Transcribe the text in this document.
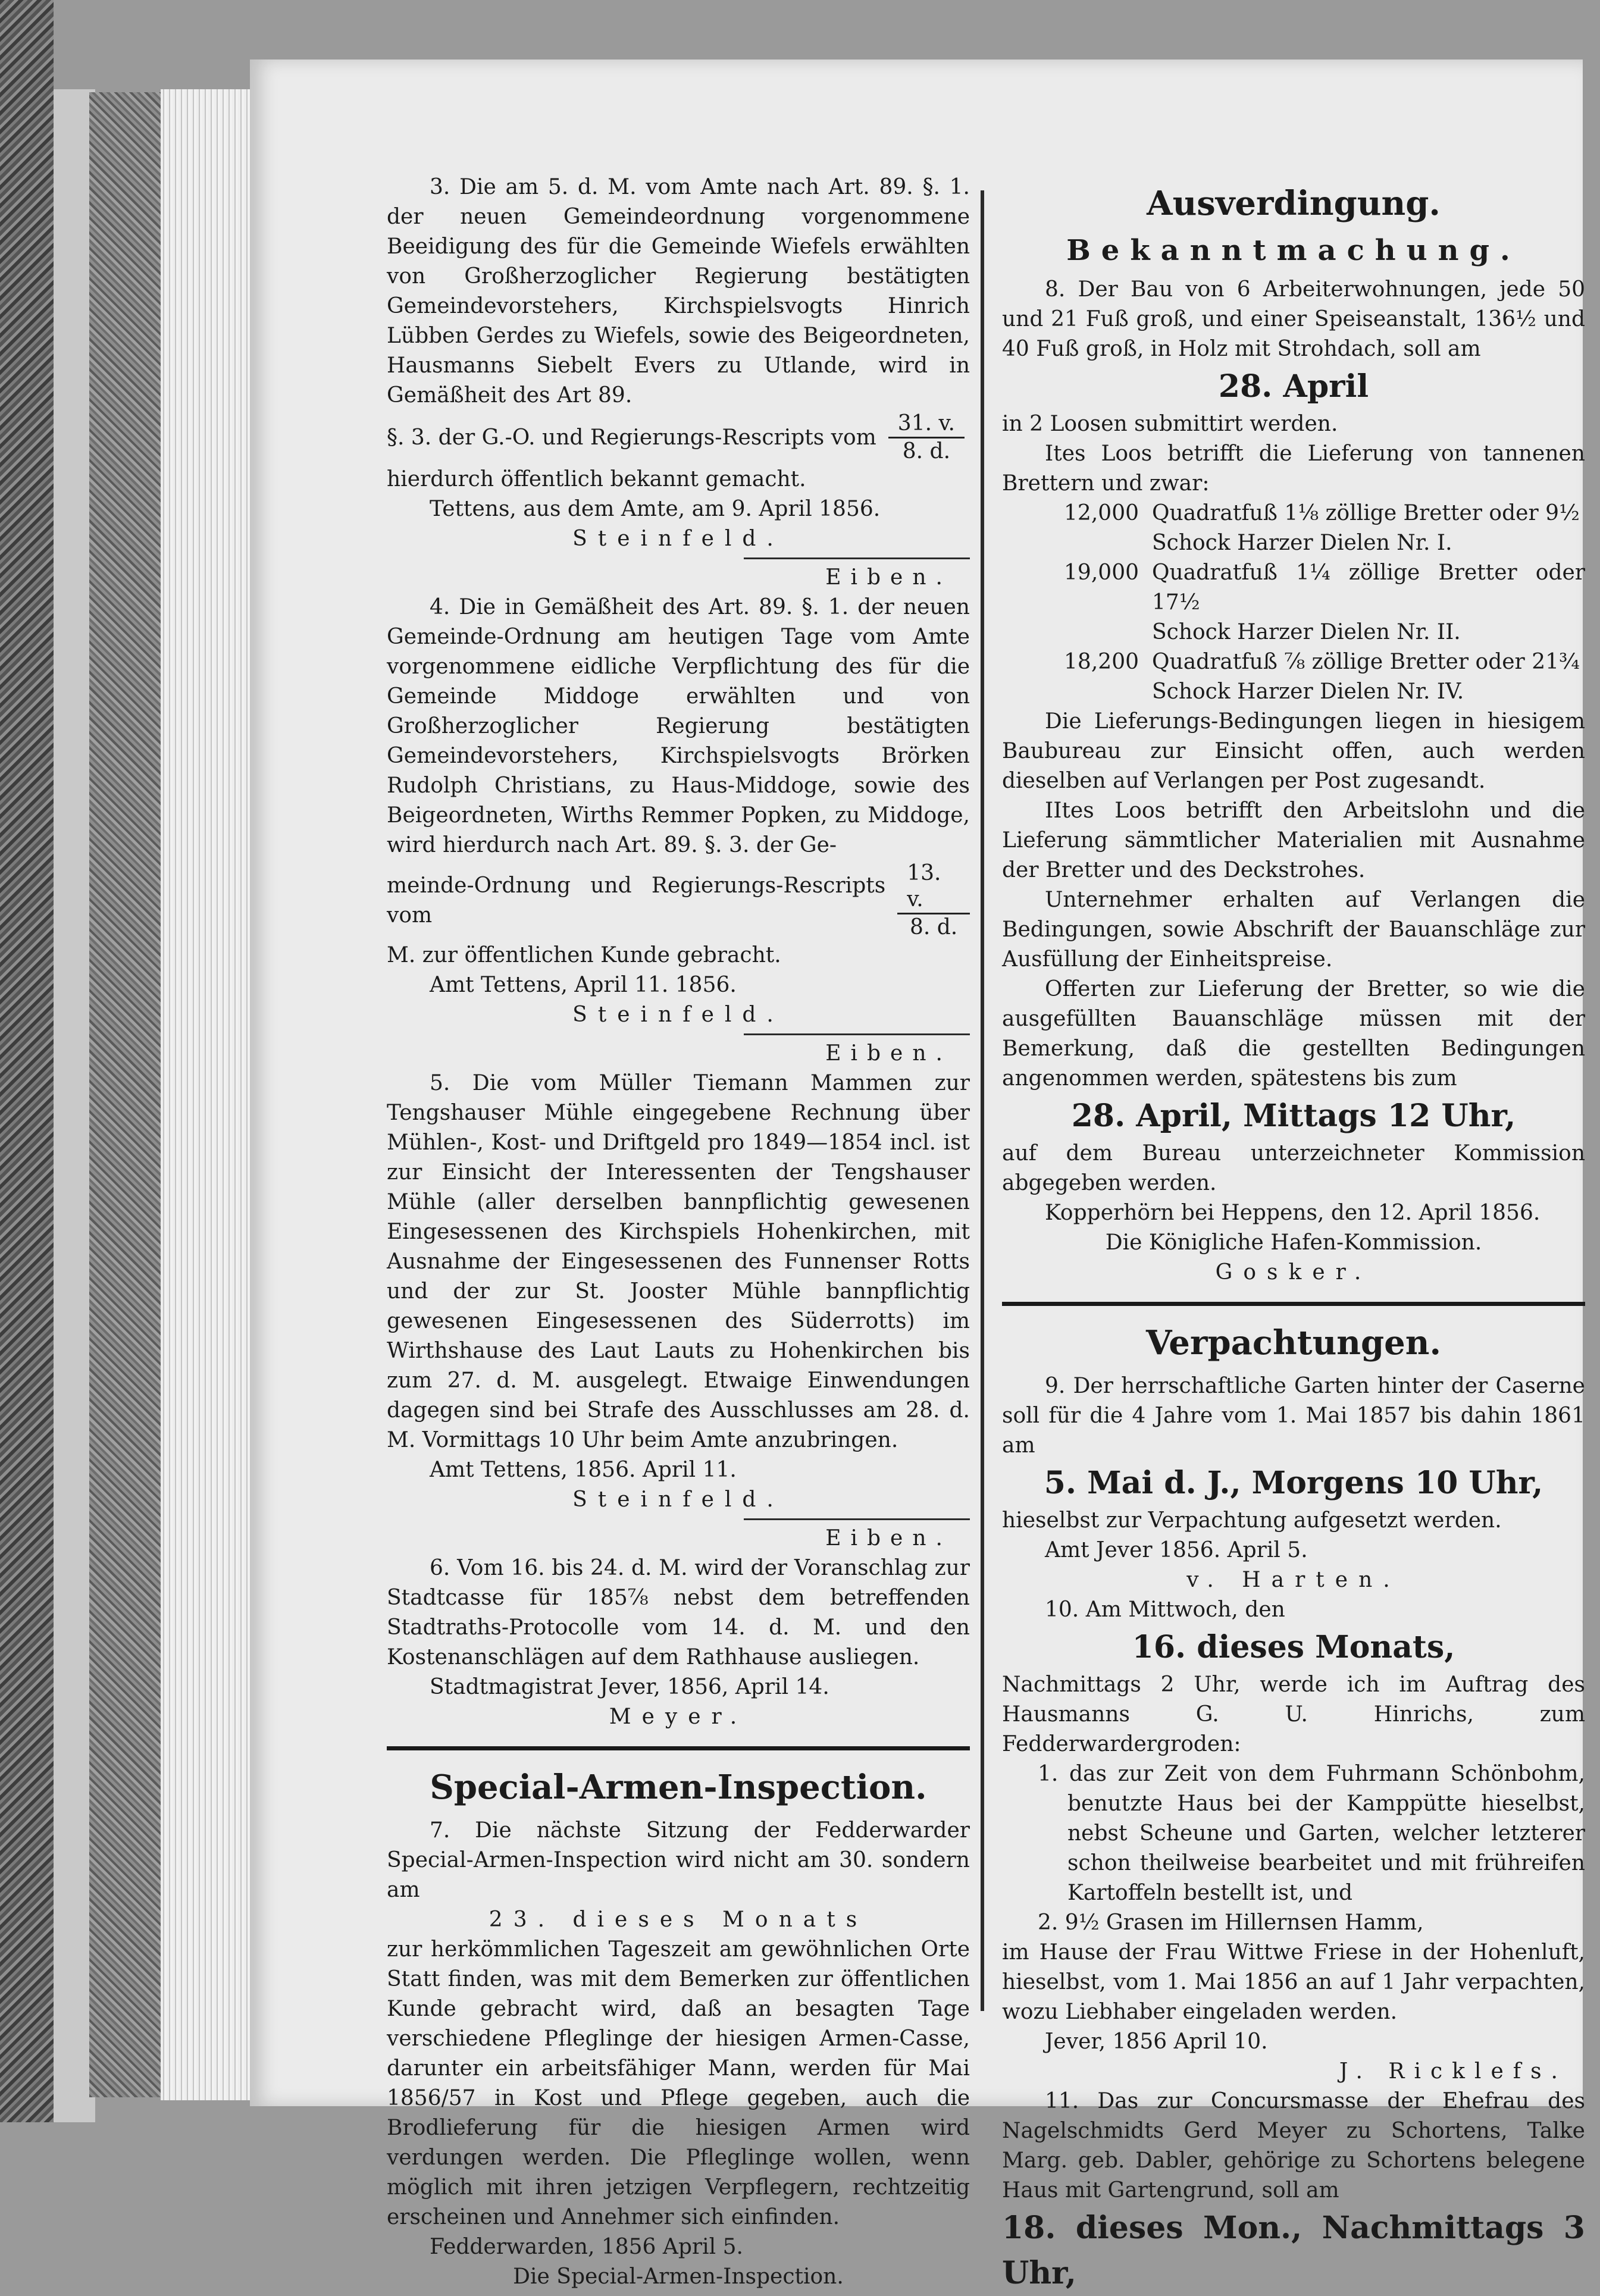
3. Die am 5. d. M. vom Amte nach Art. 89. §. 1. der neuen Gemeindeordnung vorgenommene Beeidigung des für die Gemeinde Wiefels erwählten von Großherzoglicher Regierung bestätigten Gemeindevorstehers, Kirchspielsvogts Hinrich Lübben Gerdes zu Wiefels, sowie des Beigeordneten, Hausmanns Siebelt Evers zu Utlande, wird in Gemäßheit des Art 89.

§. 3. der G.-O. und Regierungs-Rescripts vom $\frac{31. v.}{8. d.}$

hierdurch öffentlich bekannt gemacht.

Tettens, aus dem Amte, am 9. April 1856.

Steinfeld.

Eiben.

4. Die in Gemäßheit des Art. 89. §. 1. der neuen Gemeinde-Ordnung am heutigen Tage vom Amte vorgenommene eidliche Verpflichtung des für die Gemeinde Middoge erwählten und von Großherzoglicher Regierung bestätigten Gemeindevorstehers, Kirchspielsvogts Brörken Rudolph Christians, zu Haus-Middoge, sowie des Beigeordneten, Wirths Remmer Popken, zu Middoge, wird hierdurch nach Art. 89. §. 3. der Ge-

meinde-Ordnung und Regierungs-Rescripts vom	$\frac{13. v.}{8. d.}$

M. zur öffentlichen Kunde gebracht.

Amt Tettens, April 11. 1856.

Steinfeld.

Eiben.

5. Die vom Müller Tiemann Mammen zur Tengshauser Mühle eingegebene Rechnung über Mühlen-, Kost- und Driftgeld pro 1849—1854 incl. ist zur Einsicht der Interessenten der Tengshauser Mühle (aller derselben bannpflichtig gewesenen Eingesessenen des Kirchspiels Hohenkirchen, mit Ausnahme der Eingesessenen des Funnenser Rotts und der zur St. Jooster Mühle bannpflichtig gewesenen Eingesessenen des Süderrotts) im Wirthshause des Laut Lauts zu Hohenkirchen bis zum 27. d. M. ausgelegt. Etwaige Einwendungen dagegen sind bei Strafe des Ausschlusses am 28. d. M. Vormittags 10 Uhr beim Amte anzubringen.

Amt Tettens, 1856. April 11.

Steinfeld.

Eiben.

6. Vom 16. bis 24. d. M. wird der Voranschlag zur Stadtcasse für 185⅞ nebst dem betreffenden Stadtraths-Protocolle vom 14. d. M. und den Kostenanschlägen auf dem Rathhause ausliegen.

Stadtmagistrat Jever, 1856, April 14.

Meyer.

Special-Armen-Inspection.

7. Die nächste Sitzung der Fedderwarder Special-Armen-Inspection wird nicht am 30. sondern am

23. dieses Monats

zur herkömmlichen Tageszeit am gewöhnlichen Orte Statt finden, was mit dem Bemerken zur öffentlichen Kunde gebracht wird, daß an besagten Tage verschiedene Pfleglinge der hiesigen Armen-Casse, darunter ein arbeitsfähiger Mann, werden für Mai 1856/57 in Kost und Pflege gegeben, auch die Brodlieferung für die hiesigen Armen wird verdungen werden. Die Pfleglinge wollen, wenn möglich mit ihren jetzigen Verpflegern, rechtzeitig erscheinen und Annehmer sich einfinden.

Fedderwarden, 1856 April 5.

Die Special-Armen-Inspection.

Ausverdingung.
Bekanntmachung.

8. Der Bau von 6 Arbeiterwohnungen, jede 50 und 21 Fuß groß, und einer Speiseanstalt, 136½ und 40 Fuß groß, in Holz mit Strohdach, soll am

28. April

in 2 Loosen submittirt werden.

Ites Loos betrifft die Lieferung von tannenen Brettern und zwar:

12,000 Quadratfuß 1⅛ zöllige Bretter oder 9½

Schock Harzer Dielen Nr. I.

19,000 Quadratfuß 1¼ zöllige Bretter oder 17½

Schock Harzer Dielen Nr. II.

18,200 Quadratfuß ⅞ zöllige Bretter oder 21¾

Schock Harzer Dielen Nr. IV.

Die Lieferungs-Bedingungen liegen in hiesigem Baubureau zur Einsicht offen, auch werden dieselben auf Verlangen per Post zugesandt.

IItes Loos betrifft den Arbeitslohn und die Lieferung sämmtlicher Materialien mit Ausnahme der Bretter und des Deckstrohes.

Unternehmer erhalten auf Verlangen die Bedingungen, sowie Abschrift der Bauanschläge zur Ausfüllung der Einheitspreise.

Offerten zur Lieferung der Bretter, so wie die ausgefüllten Bauanschläge müssen mit der Bemerkung, daß die gestellten Bedingungen angenommen werden, spätestens bis zum

28. April, Mittags 12 Uhr,

auf dem Bureau unterzeichneter Kommission abgegeben werden.

Kopperhörn bei Heppens, den 12. April 1856.

Die Königliche Hafen-Kommission.

Gosker.

Verpachtungen.

9. Der herrschaftliche Garten hinter der Caserne soll für die 4 Jahre vom 1. Mai 1857 bis dahin 1861 am

5. Mai d. J., Morgens 10 Uhr,

hieselbst zur Verpachtung aufgesetzt werden.

Amt Jever 1856. April 5.

v. Harten.

10. Am Mittwoch, den

16. dieses Monats,

Nachmittags 2 Uhr, werde ich im Auftrag des Hausmanns G. U. Hinrichs, zum Fedderwardergroden:

1. das zur Zeit von dem Fuhrmann Schönbohm, benutzte Haus bei der Kamppütte hieselbst, nebst Scheune und Garten, welcher letzterer schon theilweise bearbeitet und mit frühreifen Kartoffeln bestellt ist, und

2. 9½ Grasen im Hillernsen Hamm,

im Hause der Frau Wittwe Friese in der Hohenluft, hieselbst, vom 1. Mai 1856 an auf 1 Jahr verpachten, wozu Liebhaber eingeladen werden.

Jever, 1856 April 10.

J. Ricklefs.

11. Das zur Concursmasse der Ehefrau des Nagelschmidts Gerd Meyer zu Schortens, Talke Marg. geb. Dabler, gehörige zu Schortens belegene Haus mit Gartengrund, soll am

18. dieses Mon., Nachmittags 3 Uhr,
